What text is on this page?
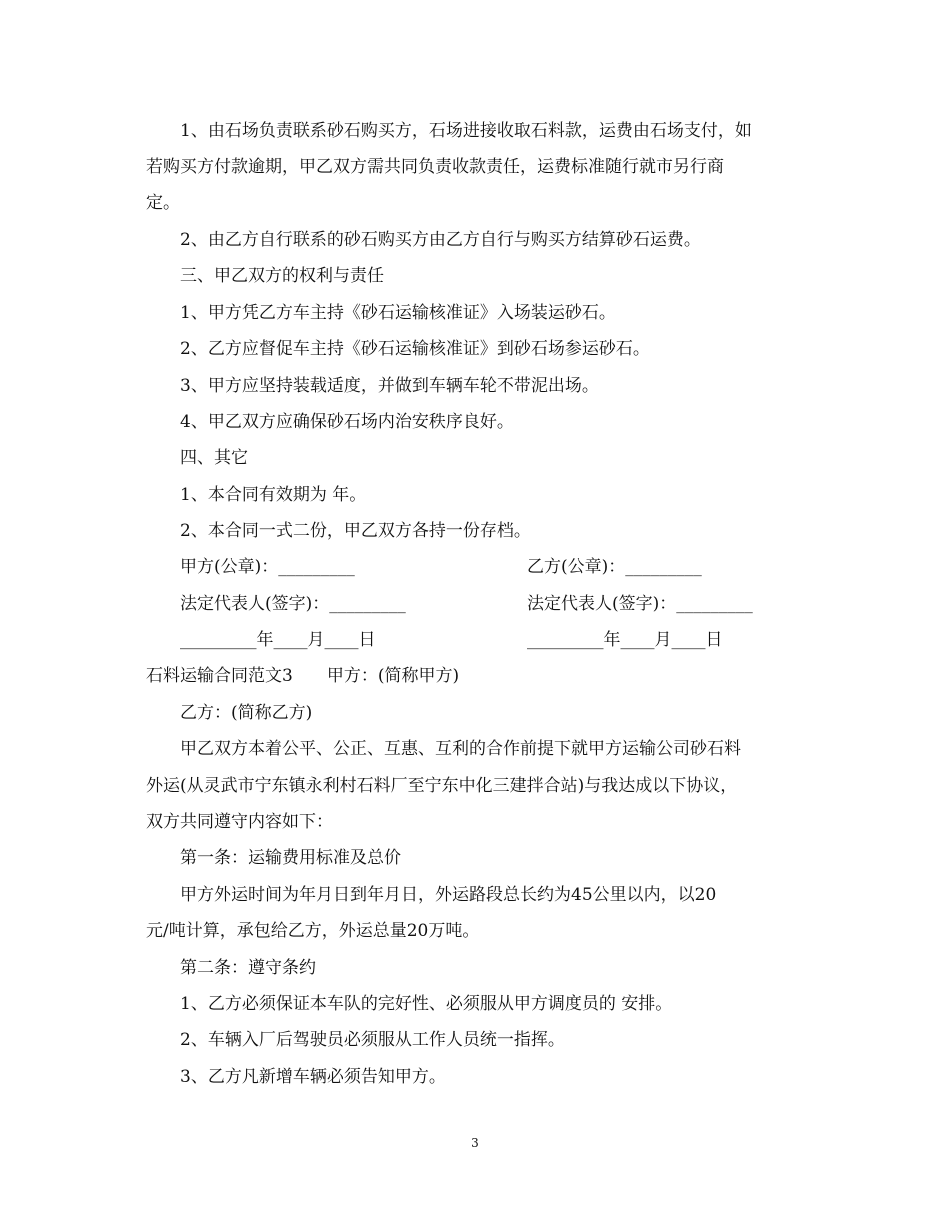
1、由石场负责联系砂石购买方，石场进接收取石料款，运费由石场支付，如
若购买方付款逾期，甲乙双方需共同负责收款责任，运费标准随行就市另行商
定。
2、由乙方自行联系的砂石购买方由乙方自行与购买方结算砂石运费。
三、甲乙双方的权利与责任
1、甲方凭乙方车主持《砂石运输核准证》入场装运砂石。
2、乙方应督促车主持《砂石运输核准证》到砂石场参运砂石。
3、甲方应坚持装载适度，并做到车辆车轮不带泥出场。
4、甲乙双方应确保砂石场内治安秩序良好。
四、其它
1、本合同有效期为 年。
2、本合同一式二份，甲乙双方各持一份存档。
甲方(公章)：_________	乙方(公章)：_________
法定代表人(签字)：_________	法定代表人(签字)：_________
_________年____月____日	_________年____月____日
石料运输合同范文3　　甲方：(简称甲方)
乙方：(简称乙方)
甲乙双方本着公平、公正、互惠、互利的合作前提下就甲方运输公司砂石料
外运(从灵武市宁东镇永利村石料厂至宁东中化三建拌合站)与我达成以下协议，
双方共同遵守内容如下：
第一条：运输费用标准及总价
甲方外运时间为年月日到年月日，外运路段总长约为45公里以内，以20
元/吨计算，承包给乙方，外运总量20万吨。
第二条：遵守条约
1、乙方必须保证本车队的完好性、必须服从甲方调度员的 安排。
2、车辆入厂后驾驶员必须服从工作人员统一指挥。
3、乙方凡新增车辆必须告知甲方。
3
